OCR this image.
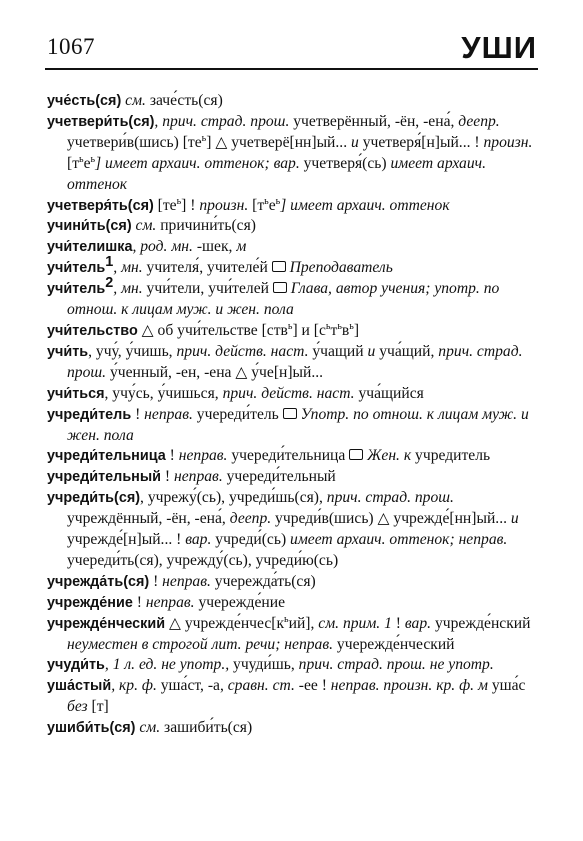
1067	УШИ

уче́сть(ся) см. заче́сть(ся)

учетвери́ть(ся), прич. страд. прош. учетверённый, -ён, -ена́, деепр. учетвери́в(шись) $[те^ь]$ △ учетверё[нн]ый... и учетверя́[н]ый... ! произн. $[т^ье^ь]$ имеет архаич. оттенок; вар. учетверя́(сь) имеет архаич. оттенок

учетверя́ть(ся) $[те^ь]$ ! произн. $[т^ье^ь]$ имеет архаич. оттенок

учини́ть(ся) см. причини́ть(ся)

учи́телишка, род. мн. -шек, м

учи́тель$^1$, мн. учителя́, учителе́й  Преподаватель

учи́тель$^2$, мн. учи́тели, учи́телей  Глава, автор учения; употр. по отнош. к лицам муж. и жен. пола

учи́тельство △ об учи́тельстве [ств$^ь$] и $[с^ьт^ьв^ь]$

учи́ть, учу́, у́чишь, прич. действ. наст. у́чащий и уча́щий, прич. страд. прош. у́ченный, -ен, -ена △ у́че[н]ый...

учи́ться, учу́сь, у́чишься, прич. действ. наст. уча́щийся

учреди́тель ! неправ. учереди́тель  Употр. по отнош. к лицам муж. и жен. пола

учреди́тельница ! неправ. учереди́тельница  Жен. к учредитель

учреди́тельный ! неправ. учереди́тельный

учреди́ть(ся), учрежу́(сь), учреди́шь(ся), прич. страд. прош. учреждённый, -ён, -ена́, деепр. учреди́в(шись) △ учрежде́[нн]ый... и учрежде́[н]ый... ! вар. учреди́(сь) имеет архаич. оттенок; неправ. учереди́ть(ся), учрежду́(сь), учреди́ю(сь)

учрежда́ть(ся) ! неправ. учережда́ть(ся)

учрежде́ние ! неправ. учережде́ние

учрежде́нческий △ $учрежде́нчес[к^ьий]$, см. прим. 1 ! вар. учрежде́нский неуместен в строгой лит. речи; неправ. учережде́нческий

учуди́ть, 1 л. ед. не употр., учуди́шь, прич. страд. прош. не употр.

уша́стый, кр. ф. уша́ст, -а, сравн. ст. -ее ! неправ. произн. кр. ф. м уша́с без [т]

ушиби́ть(ся) см. зашиби́ть(ся)
